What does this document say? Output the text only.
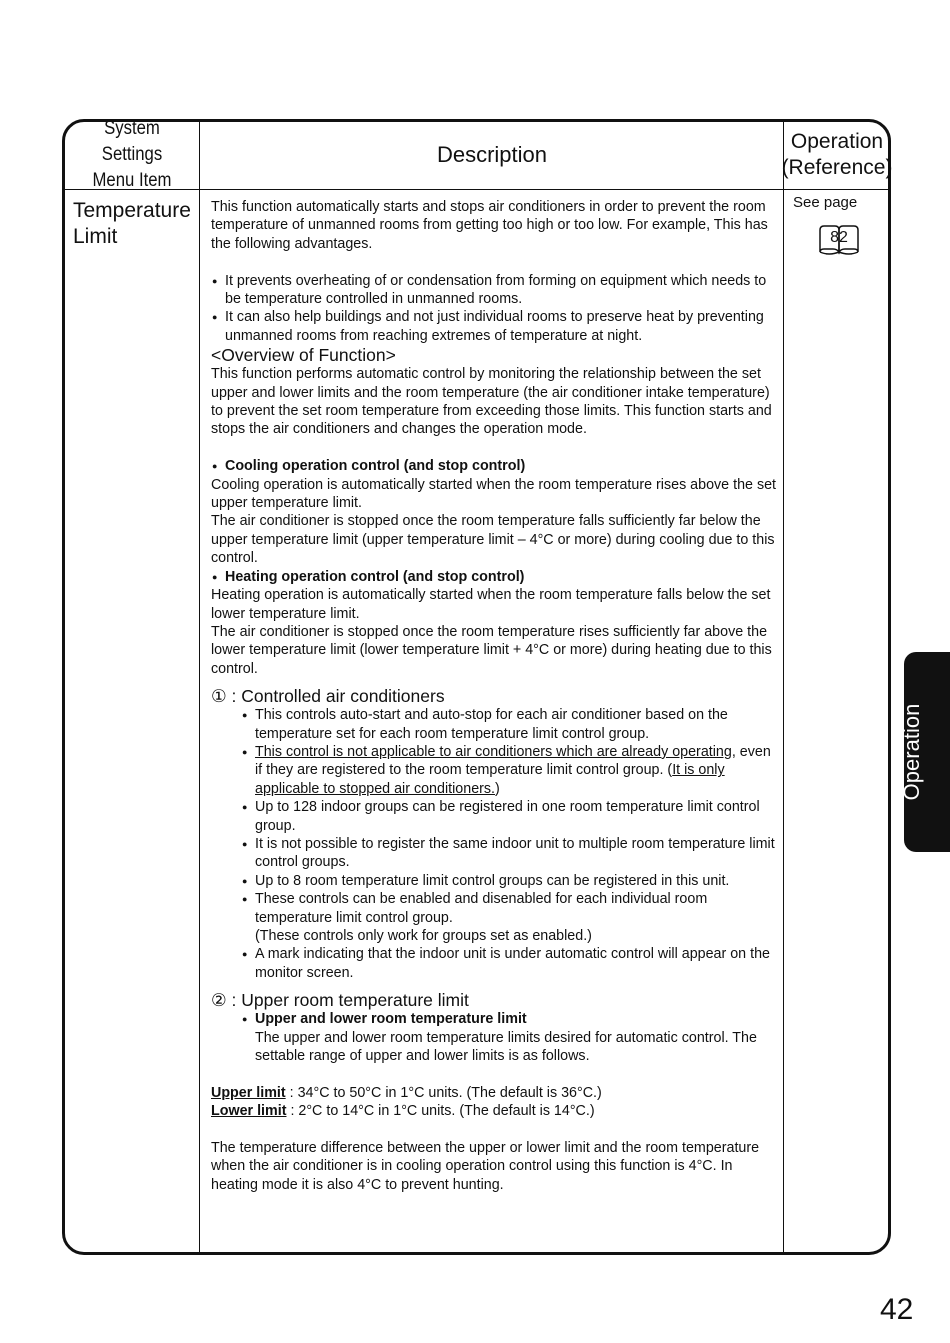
System Settings
Menu Item
Description
Operation
(Reference)
Temperature
Limit
See page
82

This function automatically starts and stops air conditioners in order to prevent the room temperature of unmanned rooms from getting too high or too low. For example, This has the following advantages.

● It prevents overheating of or condensation from forming on equipment which needs to be temperature controlled in unmanned rooms.

● It can also help buildings and not just individual rooms to preserve heat by preventing unmanned rooms from reaching extremes of temperature at night.

<Overview of Function>

This function performs automatic control by monitoring the relationship between the set upper and lower limits and the room temperature (the air conditioner intake temperature) to prevent the set room temperature from exceeding those limits. This function starts and stops the air conditioners and changes the operation mode.

● Cooling operation control (and stop control)

Cooling operation is automatically started when the room temperature rises above the set upper temperature limit.

The air conditioner is stopped once the room temperature falls sufficiently far below the upper temperature limit (upper temperature limit – 4°C or more) during cooling due to this control.

● Heating operation control (and stop control)

Heating operation is automatically started when the room temperature falls below the set lower temperature limit.

The air conditioner is stopped once the room temperature rises sufficiently far above the lower temperature limit (lower temperature limit + 4°C or more) during heating due to this control.

① : Controlled air conditioners

● This controls auto-start and auto-stop for each air conditioner based on the temperature set for each room temperature limit control group.

● This control is not applicable to air conditioners which are already operating, even if they are registered to the room temperature limit control group. (It is only applicable to stopped air conditioners.)

● Up to 128 indoor groups can be registered in one room temperature limit control group.

● It is not possible to register the same indoor unit to multiple room temperature limit control groups.

● Up to 8 room temperature limit control groups can be registered in this unit.

● These controls can be enabled and disenabled for each individual room temperature limit control group.

(These controls only work for groups set as enabled.)

● A mark indicating that the indoor unit is under automatic control will appear on the monitor screen.

② : Upper room temperature limit

● Upper and lower room temperature limit

The upper and lower room temperature limits desired for automatic control. The settable range of upper and lower limits is as follows.

Upper limit : 34°C to 50°C in 1°C units. (The default is 36°C.)

Lower limit : 2°C to 14°C in 1°C units. (The default is 14°C.)

The temperature difference between the upper or lower limit and the room temperature when the air conditioner is in cooling operation control using this function is 4°C. In heating mode it is also 4°C to prevent hunting.

Operation
42
